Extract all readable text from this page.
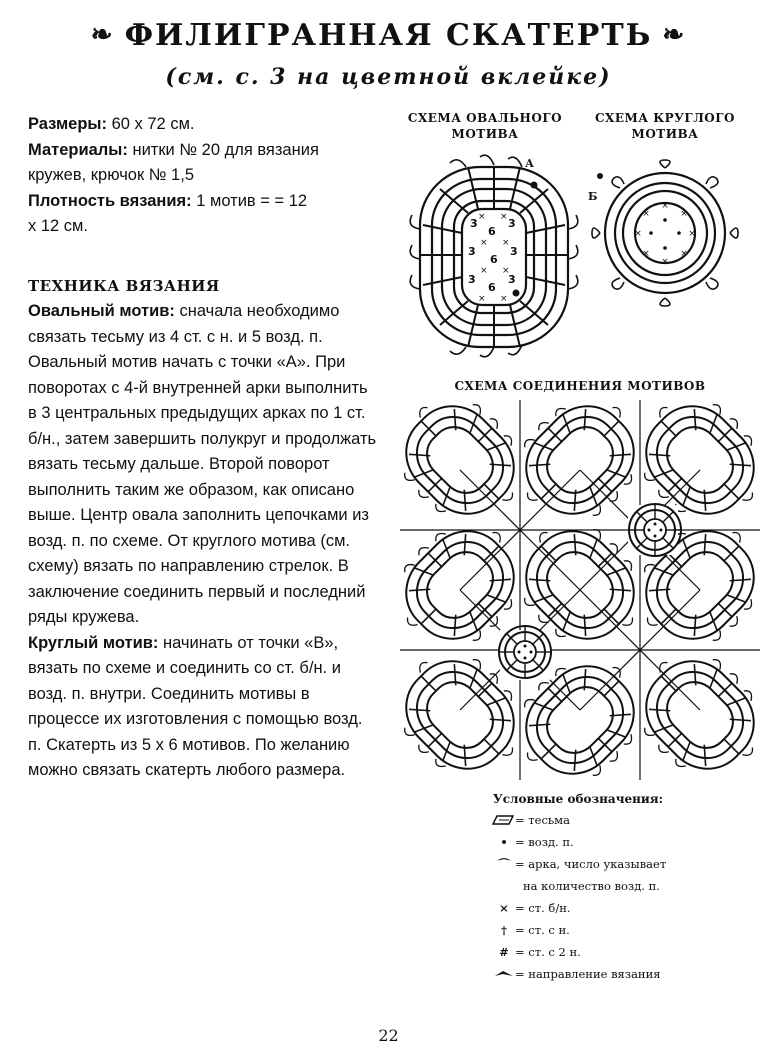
❧ ФИЛИГРАННАЯ СКАТЕРТЬ ❧
(см. с. 3 на цветной вклейке)

Размеры: 60 х 72 см.

Материалы: нитки № 20 для вязания кружев, крючок № 1,5

Плотность вязания: 1 мотив = = 12 х 12 см.

ТЕХНИКА ВЯЗАНИЯ

Овальный мотив: сначала необходимо связать тесьму из 4 ст. с н. и 5 возд. п. Овальный мотив начать с точки «А». При поворотах с 4-й внутренней арки выполнить в 3 центральных предыдущих арках по 1 ст. б/н., затем завершить полукруг и продолжать вязать тесьму дальше. Второй поворот выполнить таким же образом, как описано выше. Центр овала заполнить цепочками из возд. п. по схеме. От круглого мотива (см. схему) вязать по направлению стрелок. В заключение соединить первый и последний ряды кружева.

Круглый мотив: начинать от точки «В», вязать по схеме и соединить со ст. б/н. и возд. п. внутри. Соединить мотивы в процессе их изготовления с помощью возд. п. Скатерть из 5 х 6 мотивов. По желанию можно связать скатерть любого размера.

СХЕМА ОВАЛЬНОГО МОТИВА
СХЕМА КРУГЛОГО МОТИВА
3
6
3
3
6
3
3
6
3
А
× ×
× ×
× ×
× ×
×
×
×	×
×	×
×	×
Б
СХЕМА СОЕДИНЕНИЯ МОТИВОВ
Условные обозначения:
= тесьма
• = возд. п.
⌒ = арка, число указывает
на количество возд. п.
× = ст. б/н.
† = ст. с н.
# = ст. с 2 н.
= направление вязания
22
